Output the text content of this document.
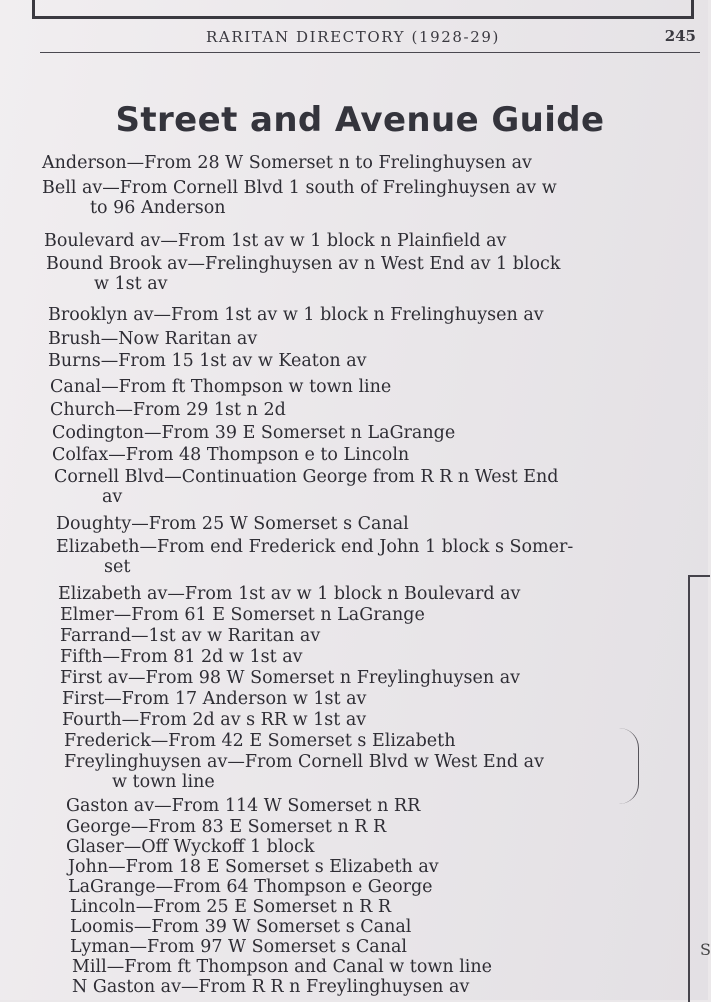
RARITAN DIRECTORY (1928-29)	245
Street and Avenue Guide

Anderson—From 28 W Somerset n to Frelinghuysen av

Bell av—From Cornell Blvd 1 south of Frelinghuysen av w
to 96 Anderson

Boulevard av—From 1st av w 1 block n Plainfield av

Bound Brook av—Frelinghuysen av n West End av 1 block
w 1st av

Brooklyn av—From 1st av w 1 block n Frelinghuysen av

Brush—Now Raritan av

Burns—From 15 1st av w Keaton av

Canal—From ft Thompson w town line

Church—From 29 1st n 2d

Codington—From 39 E Somerset n LaGrange

Colfax—From 48 Thompson e to Lincoln

Cornell Blvd—Continuation George from R R n West End
av

Doughty—From 25 W Somerset s Canal

Elizabeth—From end Frederick end John 1 block s Somer-
set

Elizabeth av—From 1st av w 1 block n Boulevard av

Elmer—From 61 E Somerset n LaGrange

Farrand—1st av w Raritan av

Fifth—From 81 2d w 1st av

First av—From 98 W Somerset n Freylinghuysen av

First—From 17 Anderson w 1st av

Fourth—From 2d av s RR w 1st av

Frederick—From 42 E Somerset s Elizabeth

Freylinghuysen av—From Cornell Blvd w West End av
w town line

Gaston av—From 114 W Somerset n RR

George—From 83 E Somerset n R R

Glaser—Off Wyckoff 1 block

John—From 18 E Somerset s Elizabeth av

LaGrange—From 64 Thompson e George

Lincoln—From 25 E Somerset n R R

Loomis—From 39 W Somerset s Canal

Lyman—From 97 W Somerset s Canal

Mill—From ft Thompson and Canal w town line

N Gaston av—From R R n Freylinghuysen av

S
